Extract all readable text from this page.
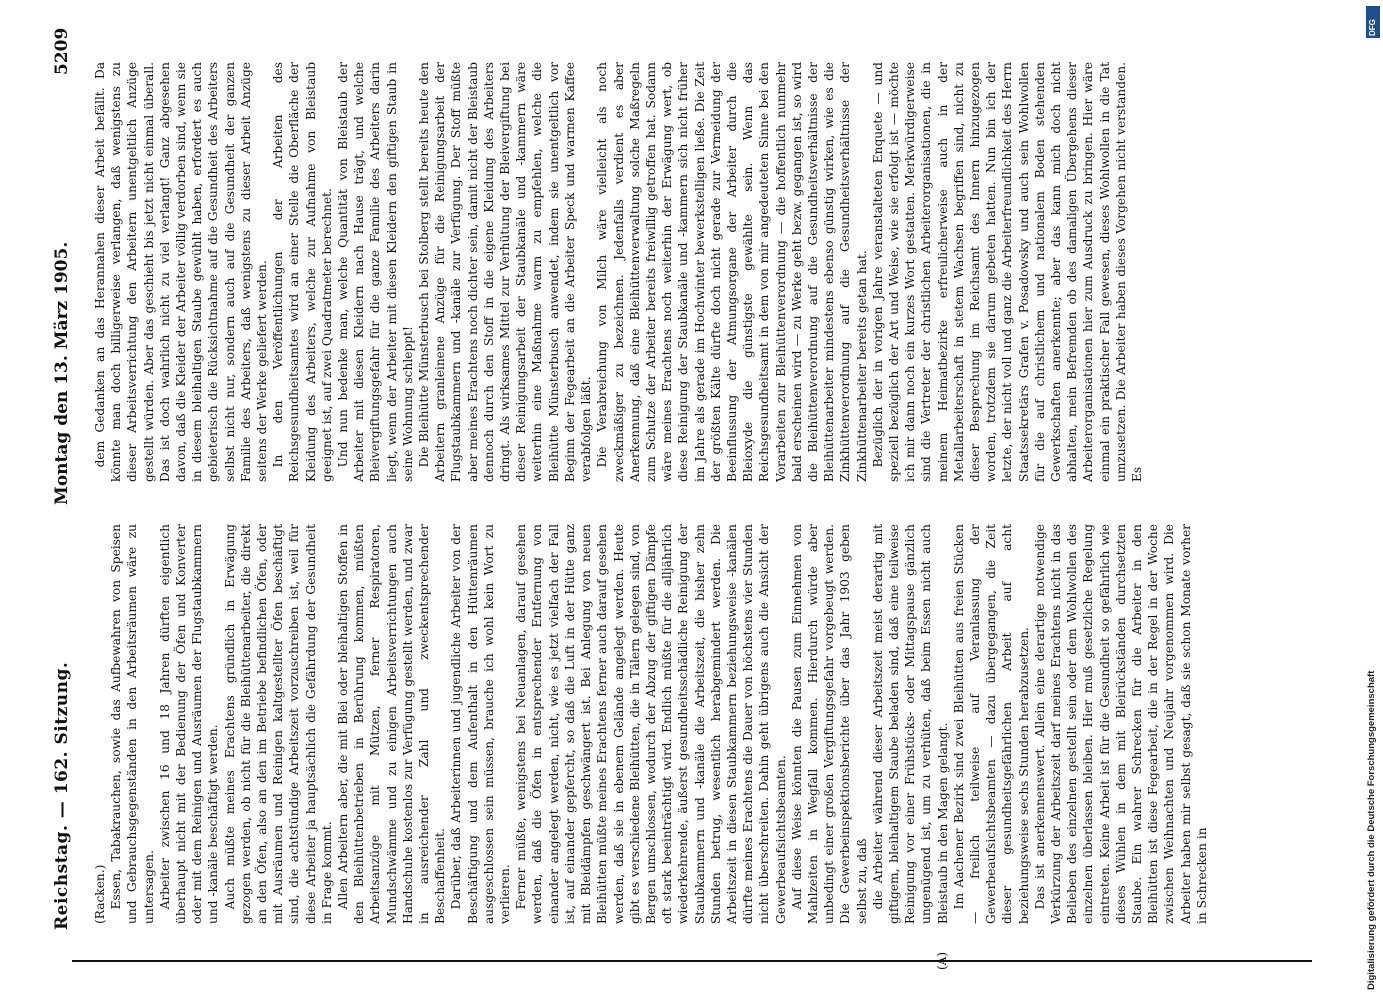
Reichstag. — 162. Sitzung.
Montag den 13. März 1905.
5209
(A)

(Racken.) Essen, Tabakrauchen, sowie das Aufbewahren von Speisen und Gebrauchsgegenständen in den Arbeitsräumen wäre zu untersagen. Arbeiter zwischen 16 und 18 Jahren dürften eigentlich überhaupt nicht mit der Bedienung der Öfen und Konverter oder mit dem Reinigen und Ausräumen der Flugstaubkammern und -kanäle beschäftigt werden. Auch müßte meines Erachtens gründlich in Erwägung gezogen werden, ob nicht für die Bleihüttenarbeiter, die direkt an den Öfen, also an den im Betriebe befindlichen Öfen, oder mit Ausräumen und Reinigen kaltgestellter Öfen beschäftigt sind, die achtstündige Arbeitszeit vorzuschreiben ist, weil für diese Arbeiter ja hauptsächlich die Gefährdung der Gesundheit in Frage kommt. Allen Arbeitern aber, die mit Blei oder bleihaltigen Stoffen in den Bleihüttenbetrieben in Berührung kommen, müßten Arbeitsanzüge mit Mützen, ferner Respiratoren, Mundschwämme und zu einigen Arbeitsverrichtungen auch Handschuhe kostenlos zur Verfügung gestellt werden, und zwar in ausreichender Zahl und zweckentsprechender Beschaffenheit. Darüber, daß Arbeiterinnen und jugendliche Arbeiter von der Beschäftigung und dem Aufenthalt in den Hüttenräumen ausgeschlossen sein müssen, brauche ich wohl kein Wort zu verlieren. Ferner müßte, wenigstens bei Neuanlagen, darauf gesehen werden, daß die Öfen in entsprechender Entfernung von einander angelegt werden, nicht, wie es jetzt vielfach der Fall ist, auf einander gepfercht, so daß die Luft in der Hütte ganz mit Bleidämpfen geschwängert ist. Bei Anlegung von neuen Bleihütten müßte meines Erachtens ferner auch darauf gesehen werden, daß sie in ebenem Gelände angelegt werden. Heute gibt es verschiedene Bleihütten, die in Tälern gelegen sind, von Bergen umschlossen, wodurch der Abzug der giftigen Dämpfe oft stark beeinträchtigt wird. Endlich müßte für die alljährlich wiederkehrende, äußerst gesundheitsschädliche Reinigung der Staubkammern und -kanäle die Arbeitszeit, die bisher zehn Stunden betrug, wesentlich herabgemindert werden. Die Arbeitszeit in diesen Staubkammern beziehungsweise -kanälen dürfte meines Erachtens die Dauer von höchstens vier Stunden nicht überschreiten. Dahin geht übrigens auch die Ansicht der Gewerbeaufsichtsbeamten. Auf diese Weise könnten die Pausen zum Einnehmen von Mahlzeiten in Wegfall kommen. Hierdurch würde aber unbedingt einer großen Vergiftungsgefahr vorgebeugt werden. Die Gewerbeinspektionsberichte über das Jahr 1903 geben selbst zu, daß die Arbeiter während dieser Arbeitszeit meist derartig mit giftigem, bleihaltigem Staube beladen sind, daß eine teilweise Reinigung vor einer Frühstücks- oder Mittagspause gänzlich ungenügend ist, um zu verhüten, daß beim Essen nicht auch Bleistaub in den Magen gelangt. Im Aachener Bezirk sind zwei Bleihütten aus freien Stücken — freilich teilweise auf Veranlassung der Gewerbeaufsichtsbeamten — dazu übergegangen, die Zeit dieser gesundheitsgefährlichen Arbeit auf acht beziehungsweise sechs Stunden herabzusetzen. Das ist anerkennenswert. Allein eine derartige notwendige Verkürzung der Arbeitszeit darf meines Erachtens nicht in das Belieben des einzelnen gestellt sein oder dem Wohlwollen des einzelnen überlassen bleiben. Hier muß gesetzliche Regelung eintreten. Keine Arbeit ist für die Gesundheit so gefährlich wie dieses Wühlen in dem mit Bleirückständen durchsetzten Staube. Ein wahrer Schrecken für die Arbeiter in den Bleihütten ist diese Fegearbeit, die in der Regel in der Woche zwischen Weihnachten und Neujahr vorgenommen wird. Die Arbeiter haben mir selbst gesagt, daß sie schon Monate vorher in Schrecken in

dem Gedanken an das Herannahen dieser Arbeit befällt. Da könnte man doch billigerweise verlangen, daß wenigstens zu dieser Arbeitsverrichtung den Arbeitern unentgeltlich Anzüge gestellt würden. Aber das geschieht bis jetzt nicht einmal überall. Das ist doch wahrlich nicht zu viel verlangt! Ganz abgesehen davon, daß die Kleider der Arbeiter völlig verdorben sind, wenn sie in diesem bleihaltigen Staube gewühlt haben, erfordert es auch gebieterisch die Rücksichtnahme auf die Gesundheit des Arbeiters selbst nicht nur, sondern auch auf die Gesundheit der ganzen Familie des Arbeiters, daß wenigstens zu dieser Arbeit Anzüge seitens der Werke geliefert werden. In den Veröffentlichungen der Arbeiten des Reichsgesundheitsamtes wird an einer Stelle die Oberfläche der Kleidung des Arbeiters, welche zur Aufnahme von Bleistaub geeignet ist, auf zwei Quadratmeter berechnet. Und nun bedenke man, welche Quantität von Bleistaub der Arbeiter mit diesen Kleidern nach Hause trägt, und welche Bleivergiftungsgefahr für die ganze Familie des Arbeiters darin liegt, wenn der Arbeiter mit diesen Kleidern den giftigen Staub in seine Wohnung schleppt! Die Bleihütte Münsterbusch bei Stolberg stellt bereits heute den Arbeitern granleinene Anzüge für die Reinigungsarbeit der Flugstaubkammern und -kanäle zur Verfügung. Der Stoff müßte aber meines Erachtens noch dichter sein, damit nicht der Bleistaub dennoch durch den Stoff in die eigene Kleidung des Arbeiters dringt. Als wirksames Mittel zur Verhütung der Bleivergiftung bei dieser Reinigungsarbeit der Staubkanäle und -kammern wäre weiterhin eine Maßnahme warm zu empfehlen, welche die Bleihütte Münsterbusch anwendet, indem sie unentgeltlich vor Beginn der Fegearbeit an die Arbeiter Speck und warmen Kaffee verabfolgen läßt. Die Verabreichung von Milch wäre vielleicht als noch zweckmäßiger zu bezeichnen. Jedenfalls verdient es aber Anerkennung, daß eine Bleihüttenverwaltung solche Maßregeln zum Schutze der Arbeiter bereits freiwillig getroffen hat. Sodann wäre meines Erachtens noch weiterhin der Erwägung wert, ob diese Reinigung der Staubkanäle und -kammern sich nicht früher im Jahre als gerade im Hochwinter bewerkstelligen ließe. Die Zeit der größten Kälte dürfte doch nicht gerade zur Vermeidung der Beeinflussung der Atmungsorgane der Arbeiter durch die Bleioxyde die günstigste gewählte sein. Wenn das Reichsgesundheitsamt in dem von mir angedeuteten Sinne bei den Vorarbeiten zur Bleihüttenverordnung — die hoffentlich nunmehr bald erscheinen wird — zu Werke geht bezw. gegangen ist, so wird die Bleihüttenverordnung auf die Gesundheitsverhältnisse der Bleihüttenarbeiter mindestens ebenso günstig wirken, wie es die Zinkhüttenverordnung auf die Gesundheitsverhältnisse der Zinkhüttenarbeiter bereits getan hat. Bezüglich der in vorigen Jahre veranstalteten Enquete — und speziell bezüglich der Art und Weise, wie sie erfolgt ist — möchte ich mir dann noch ein kurzes Wort gestatten. Merkwürdigerweise sind die Vertreter der christlichen Arbeiterorganisationen, die in meinem Heimatbezirke erfreulicherweise auch in der Metallarbeiterschaft in stetem Wachsen begriffen sind, nicht zu dieser Besprechung im Reichsamt des Innern hinzugezogen worden, trotzdem sie darum gebeten hatten. Nun bin ich der letzte, der nicht voll und ganz die Arbeiterfreundlichkeit des Herrn Staatssekretärs Grafen v. Posadowsky und auch sein Wohlwollen für die auf christlichem und nationalem Boden stehenden Gewerkschaften anerkennte; aber das kann mich doch nicht abhalten, mein Befremden ob des damaligen Übergehens dieser Arbeiterorganisationen hier zum Ausdruck zu bringen. Hier wäre einmal ein praktischer Fall gewesen, dieses Wohlwollen in die Tat umzusetzen. Die Arbeiter haben dieses Vorgehen nicht verstanden. Es

Digitalisierung gefördert durch die Deutsche Forschungsgemeinschaft
DFG
